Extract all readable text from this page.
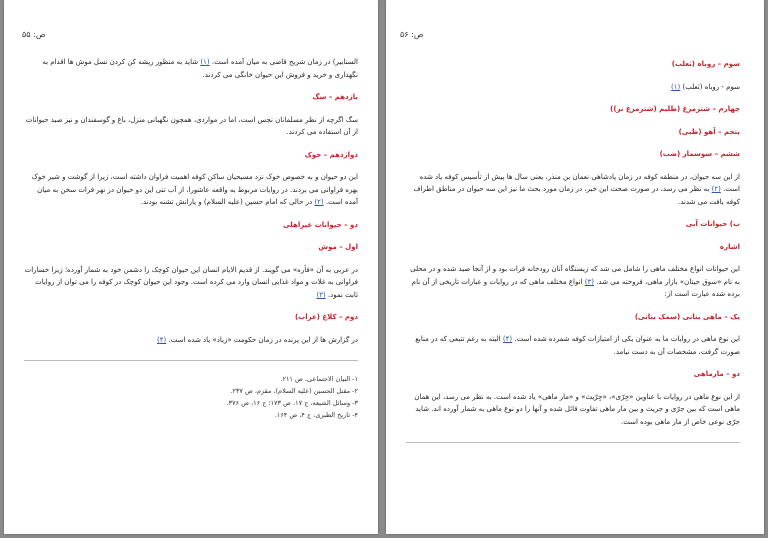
ص: ۵۵

السنابیر) در زمان شریح قاضی به میان آمده است. (۱) شاید به منظور ریشه کن کردن نسل موش ها اقدام به نگهداری و خرید و فروش این حیوان خانگی می کردند.

یازدهم – سگ

سگ اگرچه از نظر مسلمانان نجس است، اما در مواردی، همچون نگهبانی منزل، باغ و گوسفندان و نیز صید حیوانات از آن استفاده می کردند.

دوازدهم – خوک

این دو حیوان و به خصوص خوک نزد مسیحیان ساکن کوفه اهمیت فراوان داشته است، زیرا از گوشت و شیر خوک بهره فراوانی می بردند. در روایات مربوط به واقعه عاشورا، از آب تنی این دو حیوان در نهر فرات سخن به میان آمده است. (۲) در حالی که امام حسین (علیه السلام) و یارانش تشنه بودند.

دو – حیوانات غیراهلی
اول – موش

در عربی به آن «فأره» می گویند. از قدیم الایام انسان این حیوان کوچک را دشمن خود به شمار آورده؛ زیرا خسارات فراوانی به غلات و مواد غذایی انسان وارد می کرده است. وجود این حیوان کوچک در کوفه را می توان از روایات ثابت نمود. (۳)

دوم – کلاغ (غراب)

در گزارش ها از این پرنده در زمان حکومت «زیاد» یاد شده است. (۴)

۱- البیان الاجتماعی، ص ۲۱۱.

۲- مقتل الحسین (علیه السلام)، مقرم، ص ۲۳۷.

۳- وسائل الشیعه، ج ۱۷، ص ۱۷۳؛ ج ۱۶، ص ۳۷۶.

۴- تاریخ الطبری، ج ۴، ص ۱۶۴.

ص: ۵۶
سوم – روباه (ثعلب)

سوم - روباه (ثعلب) (۱)

چهارم – شترمرغ (ظلیم (شترمرغ نر))
پنجم – آهو (ظبی)
ششم – سوسمار (ضب)

از این سه حیوان، در منطقه کوفه در زمان پادشاهی نعمان بن منذر، یعنی سال ها پیش از تأسیس کوفه یاد شده است. (۲) به نظر می رسد، در صورت صحت این خبر، در زمان مورد بحث ما نیز این سه حیوان در مناطق اطراف کوفه یافت می شدند.

ب) حیوانات آبی
اشاره

این حیوانات انواع مختلف ماهی را شامل می شد که زیستگاه آنان رودخانه فرات بود و از آنجا صید شده و در محلی به نام «سوق حیتان» بازار ماهی، فروخته می شد. (۳) انواع مختلف ماهی که در روایات و عبارات تاریخی از آن نام برده شده عبارت است از:

یک – ماهی بنانی (سمک بنانی)

این نوع ماهی در روایات ما به عنوان یکی از امتیازات کوفه شمرده شده است. (۴) البته به رغم تتبعی که در منابع صورت گرفت، مشخصات آن به دست نیامد.

دو – مارماهی

از این نوع ماهی در روایات با عناوین «جِرّی»، «جِرّیث» و «مار ماهی» یاد شده است. به نظر می رسد، این همان ماهی است که بین جرّی و جریث و بین مار ماهی تفاوت قائل شده و آنها را دو نوع ماهی به شمار آورده اند. شاید جرّی نوعی خاص از مار ماهی بوده است.
